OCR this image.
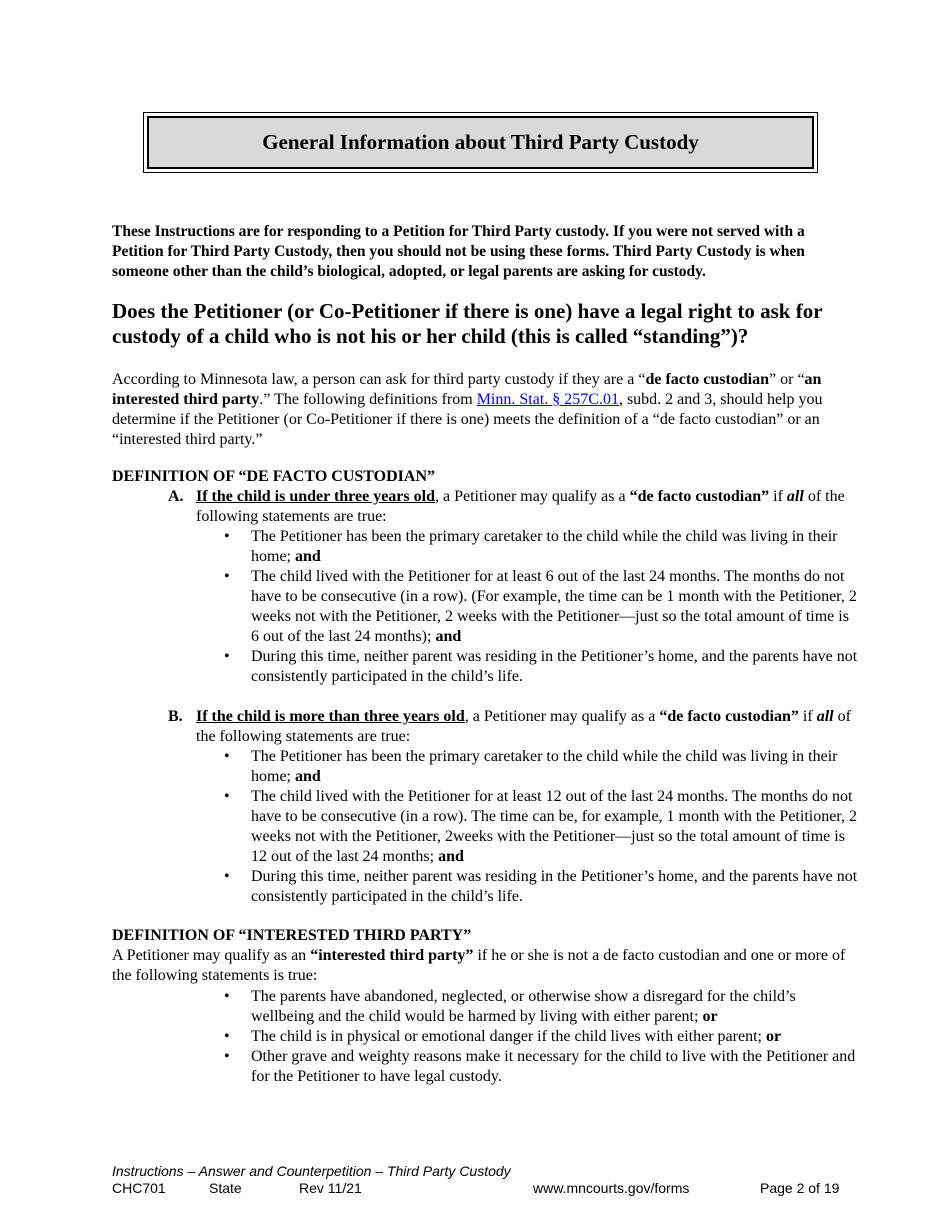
General Information about Third Party Custody

These Instructions are for responding to a Petition for Third Party custody. If you were not served with a Petition for Third Party Custody, then you should not be using these forms. Third Party Custody is when someone other than the child’s biological, adopted, or legal parents are asking for custody.

Does the Petitioner (or Co-Petitioner if there is one) have a legal right to ask for custody of a child who is not his or her child (this is called “standing”)?

According to Minnesota law, a person can ask for third party custody if they are a “de facto custodian” or “an interested third party.” The following definitions from Minn. Stat. § 257C.01, subd. 2 and 3, should help you determine if the Petitioner (or Co-Petitioner if there is one) meets the definition of a “de facto custodian” or an “interested third party.”

DEFINITION OF “DE FACTO CUSTODIAN”
A. If the child is under three years old, a Petitioner may qualify as a “de facto custodian” if all of the following statements are true:
• The Petitioner has been the primary caretaker to the child while the child was living in their home; and
• The child lived with the Petitioner for at least 6 out of the last 24 months. The months do not have to be consecutive (in a row). (For example, the time can be 1 month with the Petitioner, 2 weeks not with the Petitioner, 2 weeks with the Petitioner—just so the total amount of time is 6 out of the last 24 months); and
• During this time, neither parent was residing in the Petitioner’s home, and the parents have not consistently participated in the child’s life.
B. If the child is more than three years old, a Petitioner may qualify as a “de facto custodian” if all of the following statements are true:
• The Petitioner has been the primary caretaker to the child while the child was living in their home; and
• The child lived with the Petitioner for at least 12 out of the last 24 months. The months do not have to be consecutive (in a row). The time can be, for example, 1 month with the Petitioner, 2 weeks not with the Petitioner, 2weeks with the Petitioner—just so the total amount of time is 12 out of the last 24 months; and
• During this time, neither parent was residing in the Petitioner’s home, and the parents have not consistently participated in the child’s life.
DEFINITION OF “INTERESTED THIRD PARTY”

A Petitioner may qualify as an “interested third party” if he or she is not a de facto custodian and one or more of the following statements is true:

• The parents have abandoned, neglected, or otherwise show a disregard for the child’s wellbeing and the child would be harmed by living with either parent; or
• The child is in physical or emotional danger if the child lives with either parent; or
• Other grave and weighty reasons make it necessary for the child to live with the Petitioner and for the Petitioner to have legal custody.
Instructions – Answer and Counterpetition – Third Party Custody
CHC701	State	Rev 11/21	www.mncourts.gov/forms	Page 2 of 19
